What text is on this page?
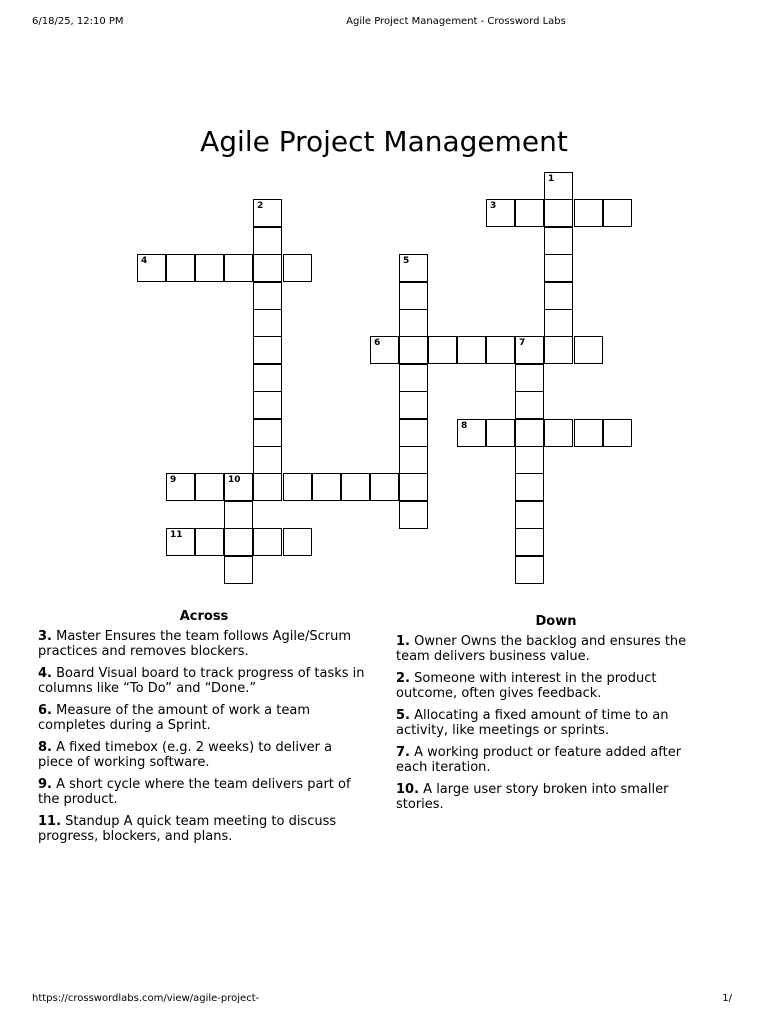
6/18/25, 12:10 PM	Agile Project Management - Crossword Labs
Agile Project Management
1
2	3
4	5
6	7
8
9	10
11
Across
3. Master Ensures the team follows Agile/Scrum practices and removes blockers.
4. Board Visual board to track progress of tasks in columns like “To Do” and “Done.”
6. Measure of the amount of work a team completes during a Sprint.
8. A fixed timebox (e.g. 2 weeks) to deliver a piece of working software.
9. A short cycle where the team delivers part of the product.
11. Standup A quick team meeting to discuss progress, blockers, and plans.
Down
1. Owner Owns the backlog and ensures the team delivers business value.
2. Someone with interest in the product outcome, often gives feedback.
5. Allocating a fixed amount of time to an activity, like meetings or sprints.
7. A working product or feature added after each iteration.
10. A large user story broken into smaller stories.
https://crosswordlabs.com/view/agile-project-	1/
